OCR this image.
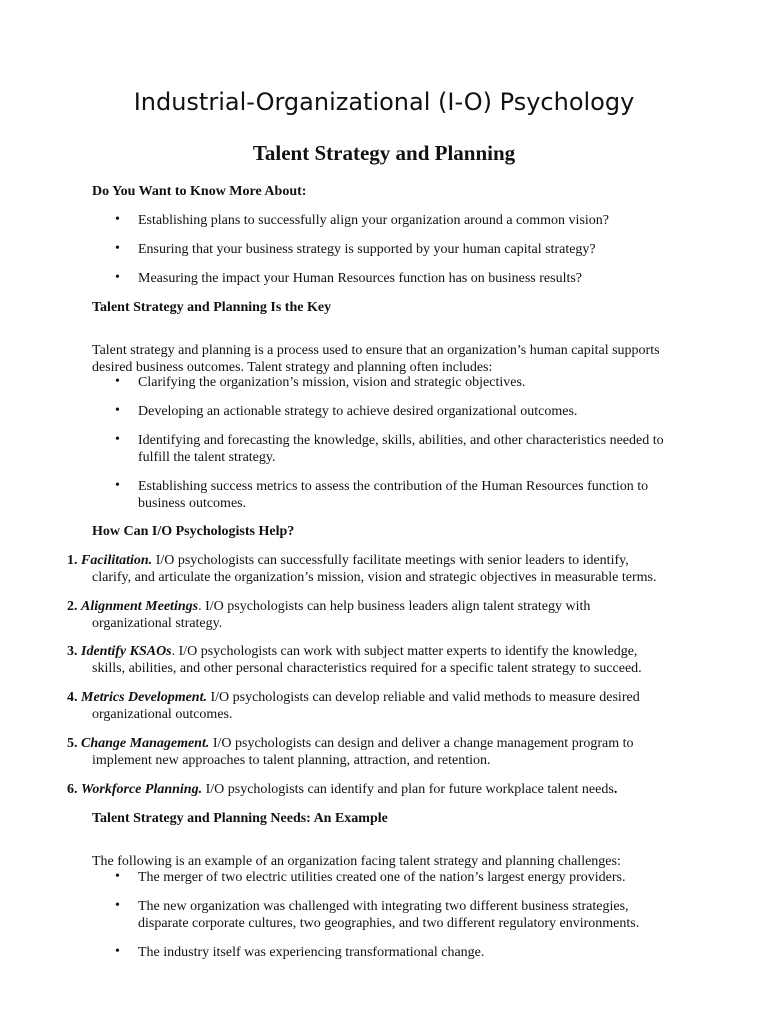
Industrial-Organizational (I-O) Psychology
Talent Strategy and Planning

Do You Want to Know More About:

•	Establishing plans to successfully align your organization around a common vision?
•	Ensuring that your business strategy is supported by your human capital strategy?
•	Measuring the impact your Human Resources function has on business results?

Talent Strategy and Planning Is the Key

Talent strategy and planning is a process used to ensure that an organization’s human capital supports
desired business outcomes. Talent strategy and planning often includes:

•	Clarifying the organization’s mission, vision and strategic objectives.
•	Developing an actionable strategy to achieve desired organizational outcomes.
•	Identifying and forecasting the knowledge, skills, abilities, and other characteristics needed to
fulfill the talent strategy.
•	Establishing success metrics to assess the contribution of the Human Resources function to
business outcomes.

How Can I/O Psychologists Help?

1. Facilitation. I/O psychologists can successfully facilitate meetings with senior leaders to identify,
clarify, and articulate the organization’s mission, vision and strategic objectives in measurable terms.
2. Alignment Meetings. I/O psychologists can help business leaders align talent strategy with
organizational strategy.
3. Identify KSAOs. I/O psychologists can work with subject matter experts to identify the knowledge,
skills, abilities, and other personal characteristics required for a specific talent strategy to succeed.
4. Metrics Development. I/O psychologists can develop reliable and valid methods to measure desired
organizational outcomes.
5. Change Management. I/O psychologists can design and deliver a change management program to
implement new approaches to talent planning, attraction, and retention.
6. Workforce Planning. I/O psychologists can identify and plan for future workplace talent needs.

Talent Strategy and Planning Needs: An Example

The following is an example of an organization facing talent strategy and planning challenges:

•	The merger of two electric utilities created one of the nation’s largest energy providers.
•	The new organization was challenged with integrating two different business strategies,
disparate corporate cultures, two geographies, and two different regulatory environments.
•	The industry itself was experiencing transformational change.
